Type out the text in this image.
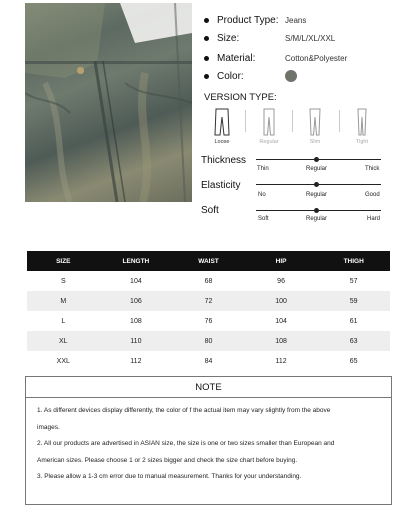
Product Type: Jeans
Size:	S/M/L/XL/XXL
Material:	Cotton&Polyester
Color:
VERSION TYPE:
Loose	Regular	Slim	Tight
Thickness
Thin	Regular	Thick
Elasticity
No	Regular	Good
Soft
Soft	Regular	Hard
SIZE	LENGTH	WAIST	HIP	THIGH
S	104	68	96	57
M	106	72	100	59
L	108	76	104	61
XL	110	80	108	63
XXL	112	84	112	65
NOTE

1. As different devices display differently, the color of f the actual item may vary slightly from the above

images.

2. All our products are advertised in ASIAN size, the size is one or two sizes smaller than European and

American sizes. Please choose 1 or 2 sizes bigger and check the size chart before buying.

3. Please allow a 1-3 cm error due to manual measurement. Thanks for your understanding.
